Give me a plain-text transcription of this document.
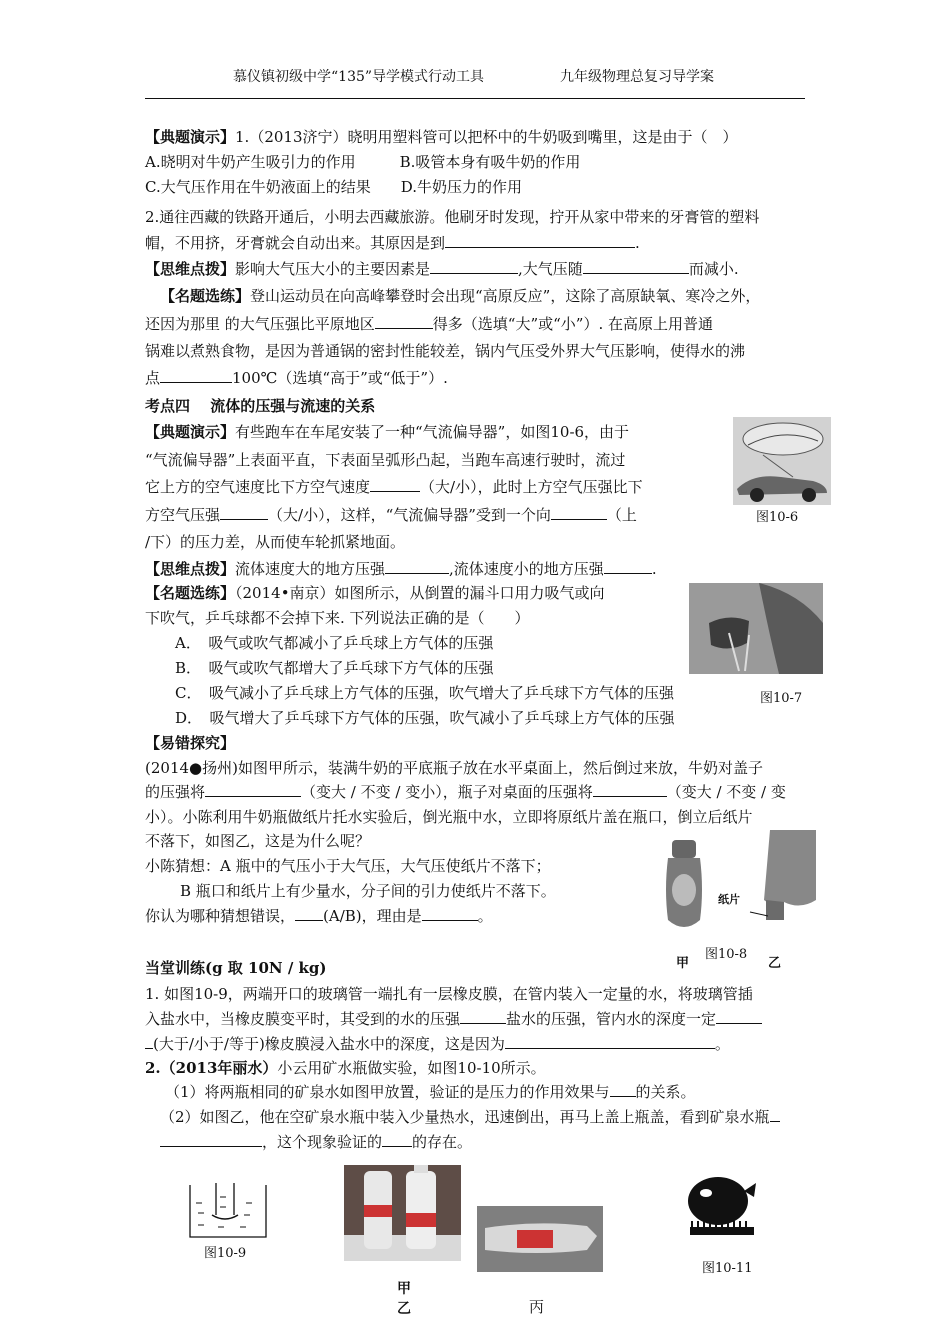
慕仪镇初级中学“135”导学模式行动工具	九年级物理总复习导学案
【典题演示】1.（2013济宁）晓明用塑料管可以把杯中的牛奶吸到嘴里，这是由于（　）
A.晓明对牛奶产生吸引力的作用	B.吸管本身有吸牛奶的作用
C.大气压作用在牛奶液面上的结果 D.牛奶压力的作用
2.通往西藏的铁路开通后，小明去西藏旅游。他刷牙时发现，拧开从家中带来的牙膏管的塑料
帽，不用挤，牙膏就会自动出来。其原因是到	.
【思维点拨】影响大气压大小的主要因素是	,大气压随	而减小.
【名题选练】登山运动员在向高峰攀登时会出现“高原反应”，这除了高原缺氧、寒冷之外，
还因为那里 的大气压强比平原地区	得多（选填“大”或“小”）. 在高原上用普通
锅难以煮熟食物，是因为普通锅的密封性能较差，锅内气压受外界大气压影响，使得水的沸
点	100℃（选填“高于”或“低于”）.
考点四　 流体的压强与流速的关系
【典题演示】有些跑车在车尾安装了一种“气流偏导器”，如图10-6，由于
“气流偏导器”上表面平直，下表面呈弧形凸起，当跑车高速行驶时，流过
它上方的空气速度比下方空气速度	（大/小），此时上方空气压强比下
方空气压强	（大/小），这样，“气流偏导器”受到一个向	（上
/下）的压力差，从而使车轮抓紧地面。
图10-6
【思维点拨】流体速度大的地方压强	,流体速度小的地方压强	.
【名题选练】（2014•南京）如图所示，从倒置的漏斗口用力吸气或向
下吹气，乒乓球都不会掉下来. 下列说法正确的是（　　）
A．　吸气或吹气都减小了乒乓球上方气体的压强
B．　吸气或吹气都增大了乒乓球下方气体的压强
C．　吸气减小了乒乓球上方气体的压强，吹气增大了乒乓球下方气体的压强
D．　吸气增大了乒乓球下方气体的压强，吹气减小了乒乓球上方气体的压强
图10-7
【易错探究】
(2014●扬州)如图甲所示，装满牛奶的平底瓶子放在水平桌面上，然后倒过来放，牛奶对盖子
的压强将	（变大 / 不变 / 变小），瓶子对桌面的压强将	（变大 / 不变 / 变
小）。小陈利用牛奶瓶做纸片托水实验后，倒光瓶中水，立即将原纸片盖在瓶口，倒立后纸片
不落下，如图乙，这是为什么呢？
小陈猜想：A 瓶中的气压小于大气压，大气压使纸片不落下；
B 瓶口和纸片上有少量水，分子间的引力使纸片不落下。
你认为哪种猜想错误， (A/B)，理由是	。
纸片
图10-8
甲	乙
当堂训练(g 取 10N / kg)
1. 如图10-9，两端开口的玻璃管一端扎有一层橡皮膜，在管内装入一定量的水，将玻璃管插
入盐水中，当橡皮膜变平时，其受到的水的压强	盐水的压强，管内水的深度一定
(大于/小于/等于)橡皮膜浸入盐水中的深度，这是因为	。
2.（2013年丽水）小云用矿水瓶做实验，如图10-10所示。
（1）将两瓶相同的矿泉水如图甲放置，验证的是压力的作用效果与 的关系。
（2）如图乙，他在空矿泉水瓶中装入少量热水，迅速倒出，再马上盖上瓶盖，看到矿泉水瓶
，这个现象验证的 的存在。
图10-9
图10-11
甲
乙	丙
